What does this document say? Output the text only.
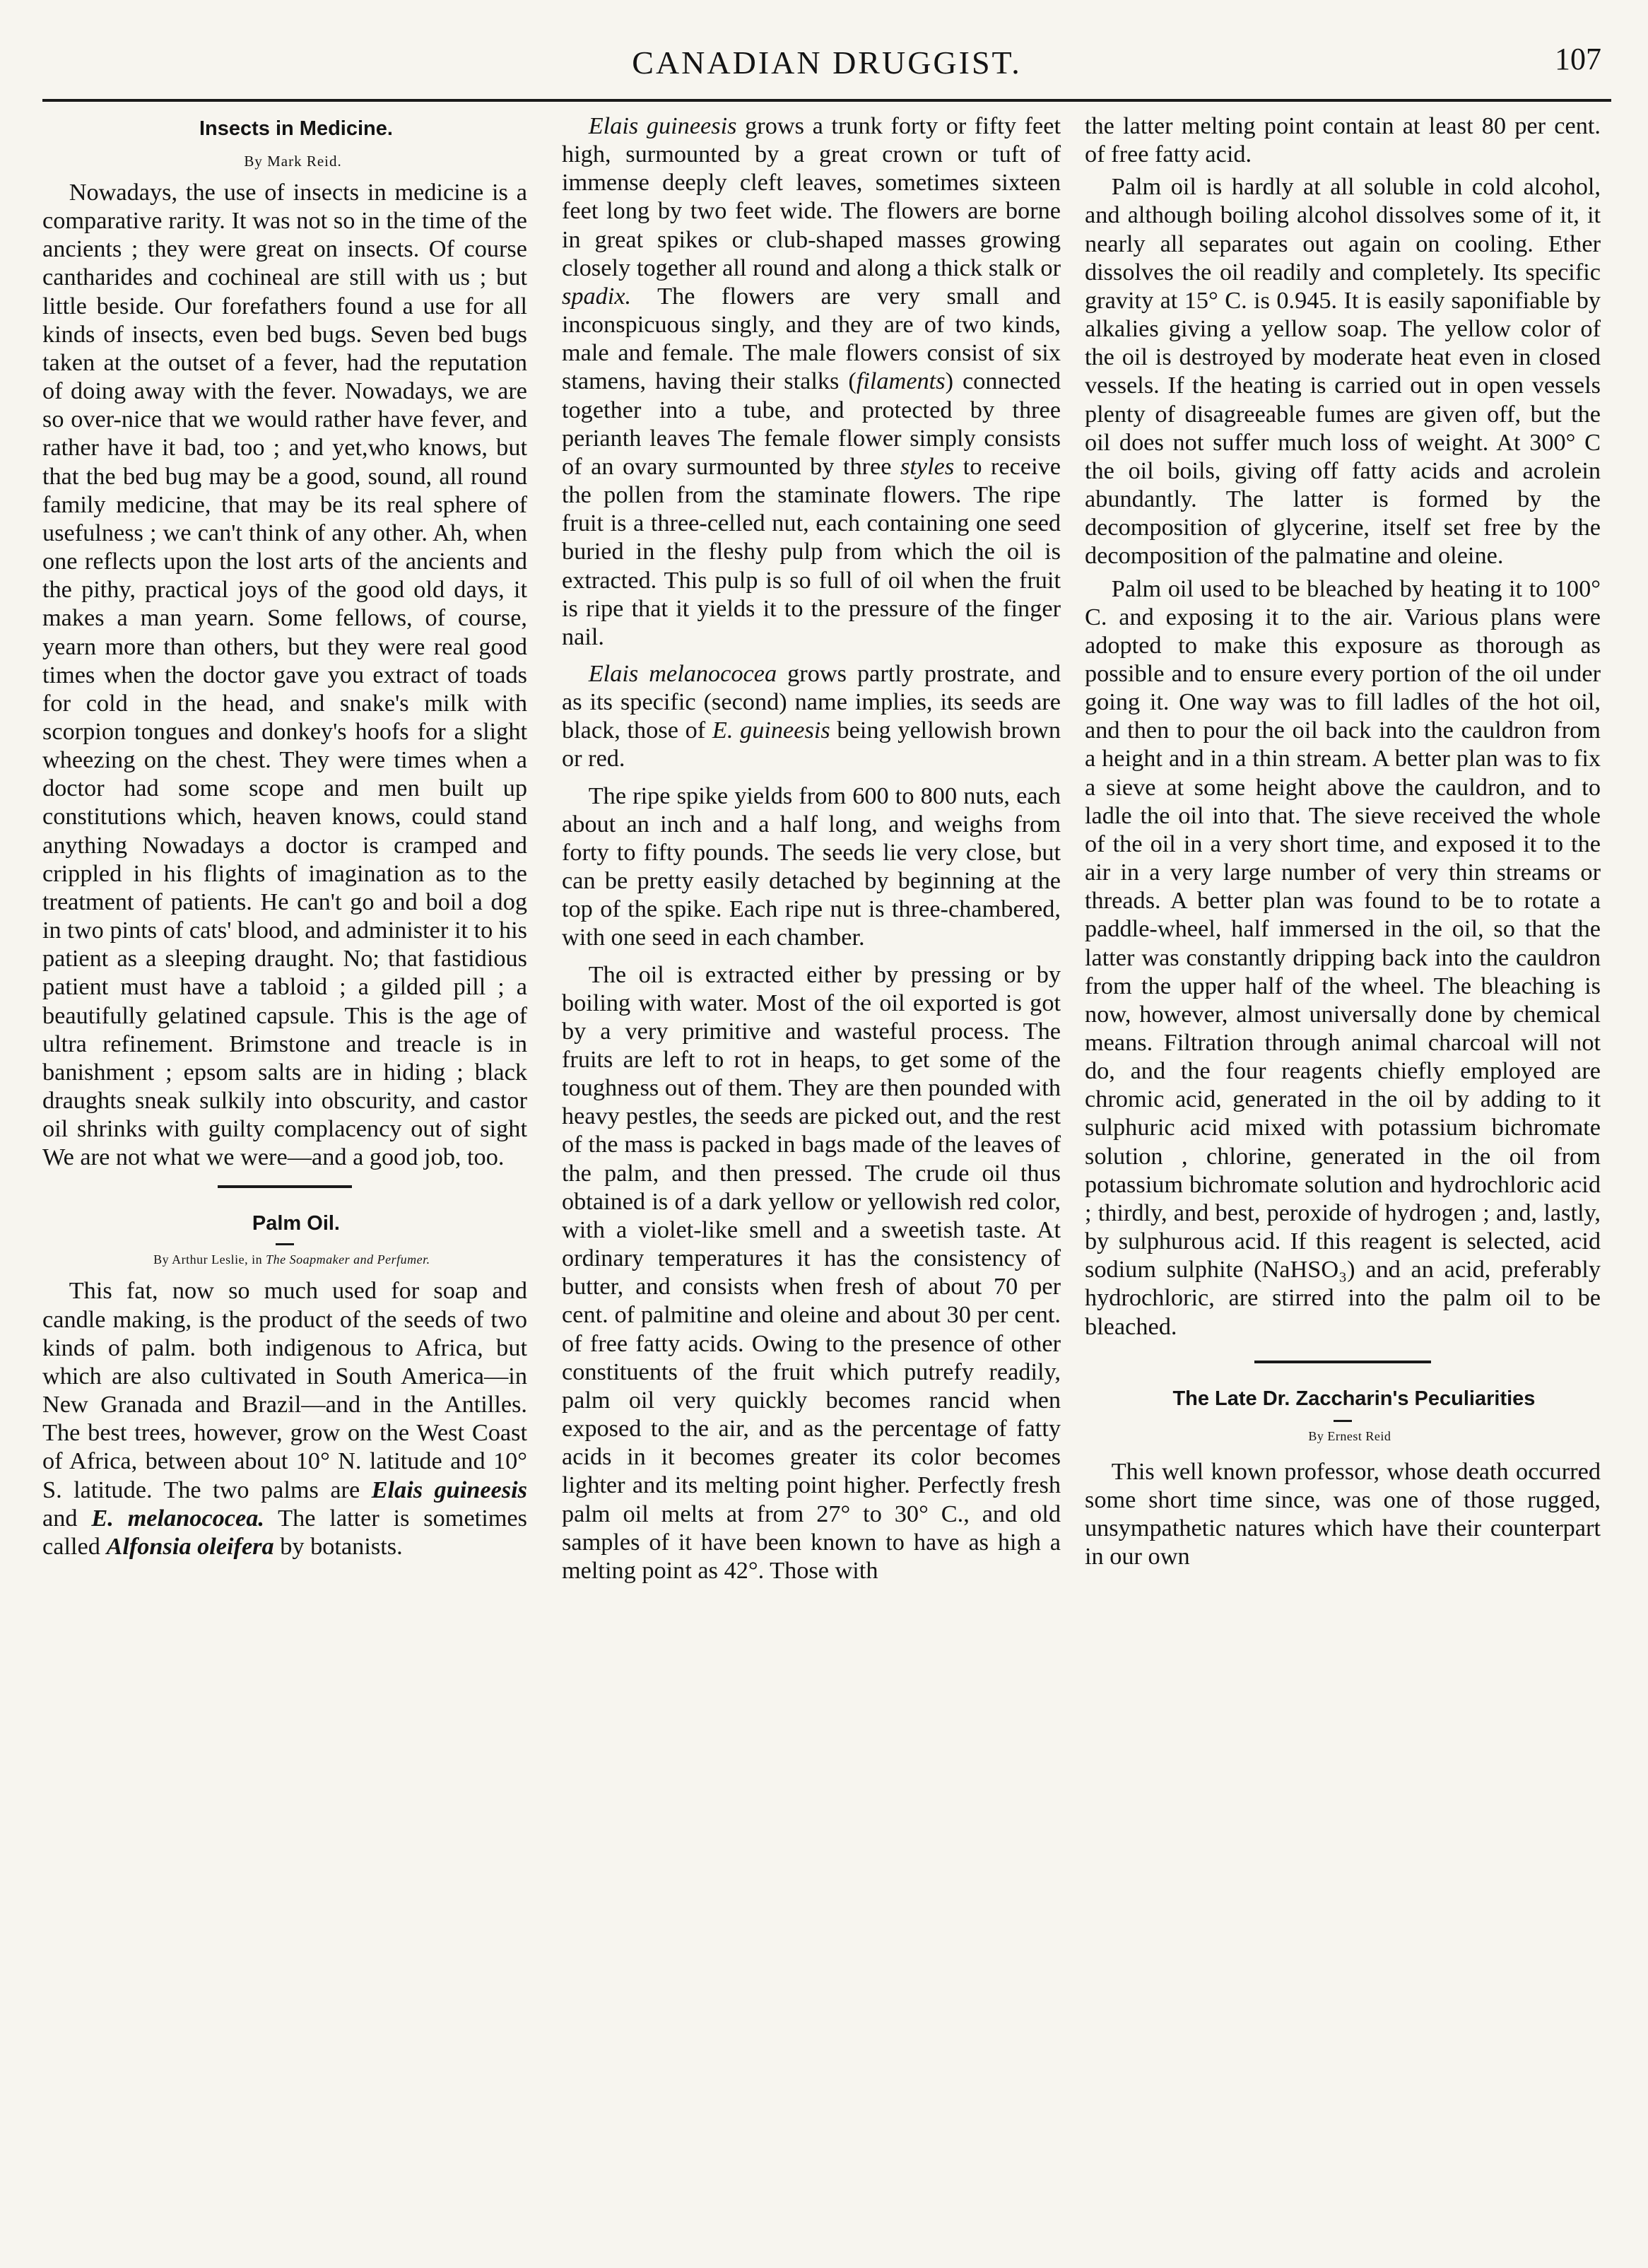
CANADIAN DRUGGIST.	107

Insects in Medicine.

By Mark Reid.

Nowadays, the use of insects in medicine is a comparative rarity. It was not so in the time of the ancients ; they were great on insects. Of course cantharides and cochineal are still with us ; but little beside. Our forefathers found a use for all kinds of insects, even bed bugs. Seven bed bugs taken at the outset of a fever, had the reputation of doing away with the fever. Nowadays, we are so over-nice that we would rather have fever, and rather have it bad, too ; and yet,who knows, but that the bed bug may be a good, sound, all round family medicine, that may be its real sphere of usefulness ; we can't think of any other. Ah, when one reflects upon the lost arts of the ancients and the pithy, practical joys of the good old days, it makes a man yearn. Some fellows, of course, yearn more than others, but they were real good times when the doctor gave you extract of toads for cold in the head, and snake's milk with scorpion tongues and donkey's hoofs for a slight wheezing on the chest. They were times when a doctor had some scope and men built up constitutions which, heaven knows, could stand anything Nowadays a doctor is cramped and crippled in his flights of imagination as to the treatment of patients. He can't go and boil a dog in two pints of cats' blood, and administer it to his patient as a sleeping draught. No; that fastidious patient must have a tabloid ; a gilded pill ; a beautifully gelatined capsule. This is the age of ultra refinement. Brimstone and treacle is in banishment ; epsom salts are in hiding ; black draughts sneak sulkily into obscurity, and castor oil shrinks with guilty complacency out of sight We are not what we were—and a good job, too.

Palm Oil.

By Arthur Leslie, in The Soapmaker and Perfumer.

This fat, now so much used for soap and candle making, is the product of the seeds of two kinds of palm. both indigenous to Africa, but which are also cultivated in South America—in New Granada and Brazil—and in the Antilles. The best trees, however, grow on the West Coast of Africa, between about 10° N. latitude and 10° S. latitude. The two palms are Elais guineesis and E. melanococea. The latter is sometimes called Alfonsia oleifera by botanists.

Elais guineesis grows a trunk forty or fifty feet high, surmounted by a great crown or tuft of immense deeply cleft leaves, sometimes sixteen feet long by two feet wide. The flowers are borne in great spikes or club-shaped masses growing closely together all round and along a thick stalk or spadix. The flowers are very small and inconspicuous singly, and they are of two kinds, male and female. The male flowers consist of six stamens, having their stalks (filaments) connected together into a tube, and protected by three perianth leaves The female flower simply consists of an ovary surmounted by three styles to receive the pollen from the staminate flowers. The ripe fruit is a three-celled nut, each containing one seed buried in the fleshy pulp from which the oil is extracted. This pulp is so full of oil when the fruit is ripe that it yields it to the pressure of the finger nail.

Elais melanococea grows partly prostrate, and as its specific (second) name implies, its seeds are black, those of E. guineesis being yellowish brown or red.

The ripe spike yields from 600 to 800 nuts, each about an inch and a half long, and weighs from forty to fifty pounds. The seeds lie very close, but can be pretty easily detached by beginning at the top of the spike. Each ripe nut is three-chambered, with one seed in each chamber.

The oil is extracted either by pressing or by boiling with water. Most of the oil exported is got by a very primitive and wasteful process. The fruits are left to rot in heaps, to get some of the toughness out of them. They are then pounded with heavy pestles, the seeds are picked out, and the rest of the mass is packed in bags made of the leaves of the palm, and then pressed. The crude oil thus obtained is of a dark yellow or yellowish red color, with a violet-like smell and a sweetish taste. At ordinary temperatures it has the consistency of butter, and consists when fresh of about 70 per cent. of palmitine and oleine and about 30 per cent. of free fatty acids. Owing to the presence of other constituents of the fruit which putrefy readily, palm oil very quickly becomes rancid when exposed to the air, and as the percentage of fatty acids in it becomes greater its color becomes lighter and its melting point higher. Perfectly fresh palm oil melts at from 27° to 30° C., and old samples of it have been known to have as high a melting point as 42°. Those with

the latter melting point contain at least 80 per cent. of free fatty acid.

Palm oil is hardly at all soluble in cold alcohol, and although boiling alcohol dissolves some of it, it nearly all separates out again on cooling. Ether dissolves the oil readily and completely. Its specific gravity at 15° C. is 0.945. It is easily saponifiable by alkalies giving a yellow soap. The yellow color of the oil is destroyed by moderate heat even in closed vessels. If the heating is carried out in open vessels plenty of disagreeable fumes are given off, but the oil does not suffer much loss of weight. At 300° C the oil boils, giving off fatty acids and acrolein abundantly. The latter is formed by the decomposition of glycerine, itself set free by the decomposition of the palmatine and oleine.

Palm oil used to be bleached by heating it to 100° C. and exposing it to the air. Various plans were adopted to make this exposure as thorough as possible and to ensure every portion of the oil under going it. One way was to fill ladles of the hot oil, and then to pour the oil back into the cauldron from a height and in a thin stream. A better plan was to fix a sieve at some height above the cauldron, and to ladle the oil into that. The sieve received the whole of the oil in a very short time, and exposed it to the air in a very large number of very thin streams or threads. A better plan was found to be to rotate a paddle-wheel, half immersed in the oil, so that the latter was constantly dripping back into the cauldron from the upper half of the wheel. The bleaching is now, however, almost universally done by chemical means. Filtration through animal charcoal will not do, and the four reagents chiefly employed are chromic acid, generated in the oil by adding to it sulphuric acid mixed with potassium bichromate solution , chlorine, generated in the oil from potassium bichromate solution and hydrochloric acid ; thirdly, and best, peroxide of hydrogen ; and, lastly, by sulphurous acid. If this reagent is selected, acid sodium sulphite (NaHSO₃) and an acid, preferably hydrochloric, are stirred into the palm oil to be bleached.

The Late Dr. Zaccharin's Peculiarities

By Ernest Reid

This well known professor, whose death occurred some short time since, was one of those rugged, unsympathetic natures which have their counterpart in our own
